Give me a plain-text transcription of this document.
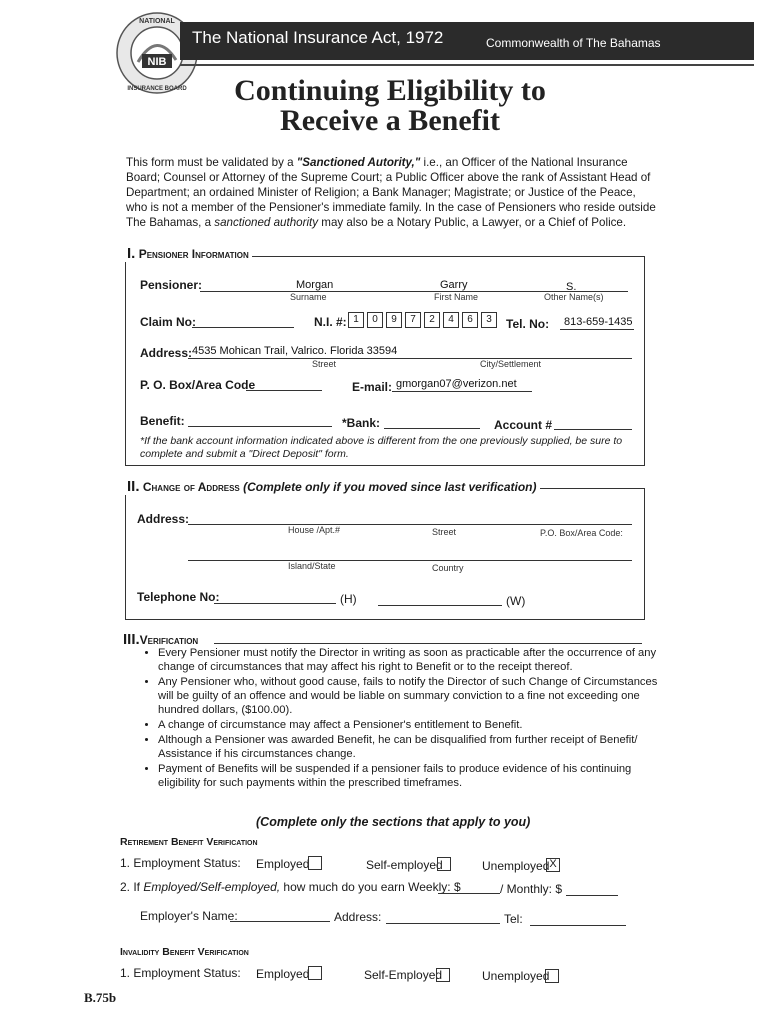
NIB
NATIONAL
INSURANCE BOARD
The National Insurance Act, 1972	Commonwealth of The Bahamas
Continuing Eligibility to
Receive a Benefit
This form must be validated by a "Sanctioned Autority," i.e., an Officer of the National Insurance Board; Counsel or Attorney of the Supreme Court; a Public Officer above the rank of Assistant Head of Department; an ordained Minister of Religion; a Bank Manager; Magistrate; or Justice of the Peace, who is not a member of the Pensioner's immediate family. In the case of Pensioners who reside outside The Bahamas, a sanctioned authority may also be a Notary Public, a Lawyer, or a Chief of Police.
I. Pensioner Information
Pensioner:	Morgan	Garry	S.
Surname	First Name	Other Name(s)
Claim No:	N.I. #: 1	0	9	7	2	4	6	3	Tel. No: 813-659-1435
Address: 4535 Mohican Trail, Valrico. Florida 33594
Street	City/Settlement
P. O. Box/Area Code	E-mail: gmorgan07@verizon.net
Benefit:	*Bank:	Account #
*If the bank account information indicated above is different from the one previously supplied, be sure to complete and submit a "Direct Deposit" form.
II. Change of Address (Complete only if you moved since last verification)
Address:
House /Apt.#	Street	P.O. Box/Area Code:
Island/State	Country
Telephone No:	(H)	(W)
III.Verification
• Every Pensioner must notify the Director in writing as soon as practicable after the occurrence of any change of circumstances that may affect his right to Benefit or to the receipt thereof.
• Any Pensioner who, without good cause, fails to notify the Director of such Change of Circumstances will be guilty of an offence and would be liable on summary conviction to a fine not exceeding one hundred dollars, ($100.00).
• A change of circumstance may affect a Pensioner's entitlement to Benefit.
• Although a Pensioner was awarded Benefit, he can be disqualified from further receipt of Benefit/ Assistance if his circumstances change.
• Payment of Benefits will be suspended if a pensioner fails to produce evidence of his continuing eligibility for such payments within the prescribed timeframes.
(Complete only the sections that apply to you)
Retirement Benefit Verification
1. Employment Status: Employed	Self-employed	Unemployed X
2. If Employed/Self-employed, how much do you earn Weekly: $	/ Monthly: $
Employer's Name:	Address:	Tel:
Invalidity Benefit Verification
1. Employment Status: Employed	Self-Employed	Unemployed
B.75b
